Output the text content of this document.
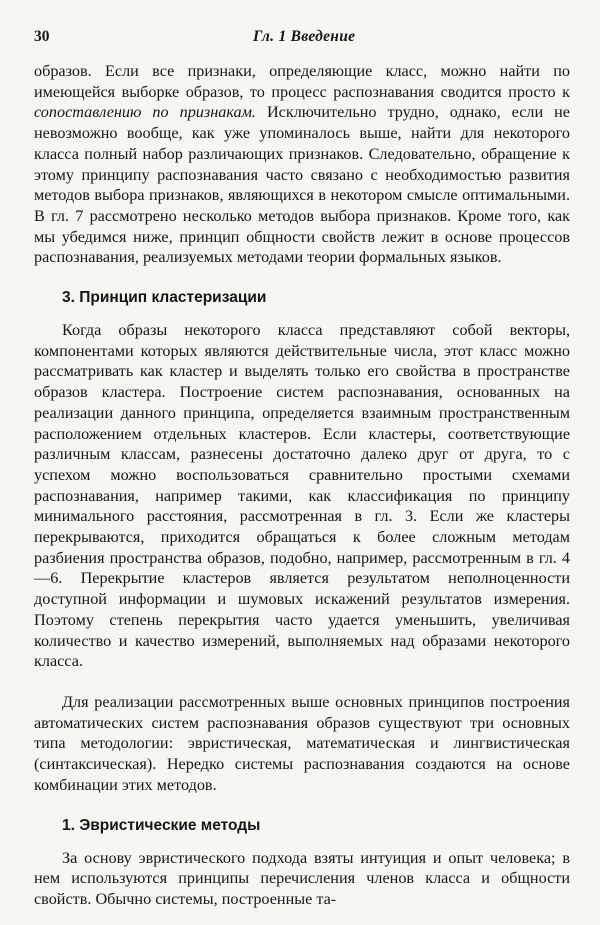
30	Гл. 1 Введение

образов. Если все признаки, определяющие класс, можно найти по имеющейся выборке образов, то процесс распознавания сводится просто к сопоставлению по признакам. Исключительно трудно, однако, если не невозможно вообще, как уже упоминалось выше, найти для некоторого класса полный набор различающих признаков. Следовательно, обращение к этому принципу распознавания часто связано с необходимостью развития методов выбора признаков, являющихся в некотором смысле оптимальными. В гл. 7 рассмотрено несколько методов выбора признаков. Кроме того, как мы убедимся ниже, принцип общности свойств лежит в основе процессов распознавания, реализуемых методами теории формальных языков.

3. Принцип кластеризации

Когда образы некоторого класса представляют собой векторы, компонентами которых являются действительные числа, этот класс можно рассматривать как кластер и выделять только его свойства в пространстве образов кластера. Построение систем распознавания, основанных на реализации данного принципа, определяется взаимным пространственным расположением отдельных кластеров. Если кластеры, соответствующие различным классам, разнесены достаточно далеко друг от друга, то с успехом можно воспользоваться сравнительно простыми схемами распознавания, например такими, как классификация по принципу минимального расстояния, рассмотренная в гл. 3. Если же кластеры перекрываются, приходится обращаться к более сложным методам разбиения пространства образов, подобно, например, рассмотренным в гл. 4—6. Перекрытие кластеров является результатом неполноценности доступной информации и шумовых искажений результатов измерения. Поэтому степень перекрытия часто удается уменьшить, увеличивая количество и качество измерений, выполняемых над образами некоторого класса.

Для реализации рассмотренных выше основных принципов построения автоматических систем распознавания образов существуют три основных типа методологии: эвристическая, математическая и лингвистическая (синтаксическая). Нередко системы распознавания создаются на основе комбинации этих методов.

1. Эвристические методы

За основу эвристического подхода взяты интуиция и опыт человека; в нем используются принципы перечисления членов класса и общности свойств. Обычно системы, построенные та-
